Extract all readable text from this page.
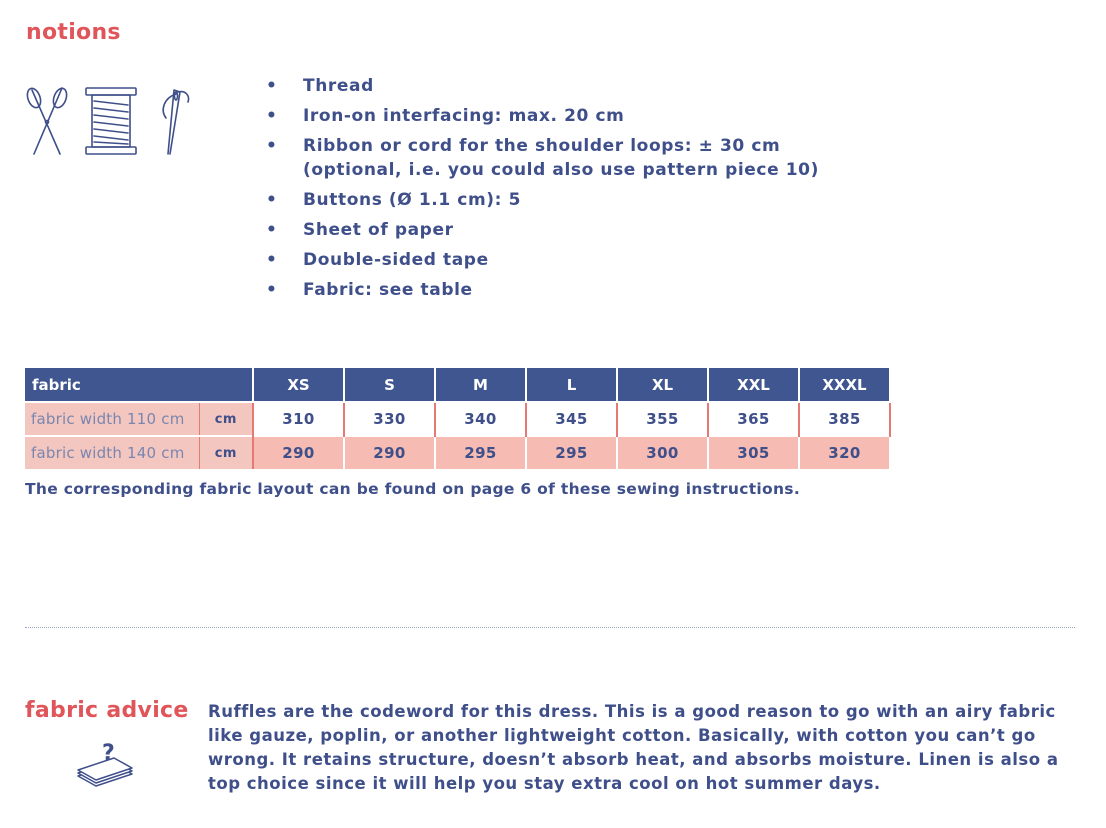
notions
• Thread
• Iron-on interfacing: max. 20 cm
• Ribbon or cord for the shoulder loops: ± 30 cm
(optional, i.e. you could also use pattern piece 10)
• Buttons (Ø 1.1 cm): 5
• Sheet of paper
• Double-sided tape
• Fabric: see table
fabric		XS	S	M	L	XL	XXL	XXXL
fabric width 110 cm	cm	310	330	340	345	355	365	385
fabric width 140 cm	cm	290	290	295	295	300	305	320
The corresponding fabric layout can be found on page 6 of these sewing instructions.
fabric advice
?

Ruffles are the codeword for this dress. This is a good reason to go with an airy fabric like gauze, poplin, or another lightweight cotton. Basically, with cotton you can’t go wrong. It retains structure, doesn’t absorb heat, and absorbs moisture. Linen is also a top choice since it will help you stay extra cool on hot summer days.
